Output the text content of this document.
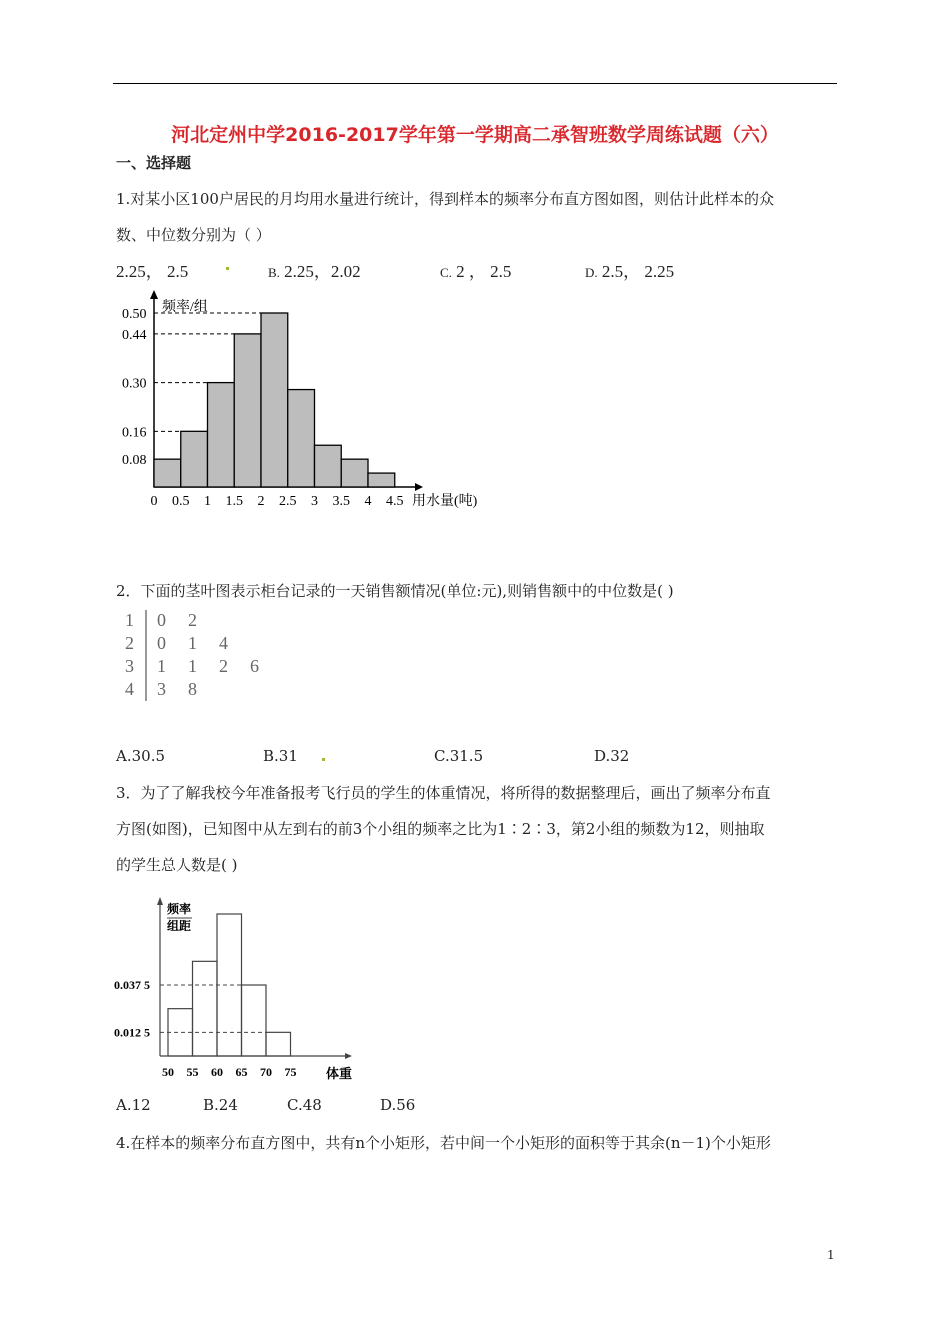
河北定州中学2016-2017学年第一学期高二承智班数学周练试题（六）
一、选择题
1.对某小区100户居民的月均用水量进行统计，得到样本的频率分布直方图如图，则估计此样本的众
数、中位数分别为（ ）
2.25， 2.5	B. 2.25，2.02	C. 2 ， 2.5	D. 2.5， 2.25
0.08
0.16
0.30
0.44
0.50
0 0.5 1 1.5 2 2.5 3 3.5 4 4.5
频率/组
用水量(吨)
2．下面的茎叶图表示柜台记录的一天销售额情况(单位:元),则销售额中的中位数是( )
1 0 2
2 0 1 4
3 1 1 2 6
4 3 8
A.30.5	B.31	C.31.5	D.32
3．为了了解我校今年准备报考飞行员的学生的体重情况，将所得的数据整理后，画出了频率分布直
方图(如图)，已知图中从左到右的前3个小组的频率之比为1∶2∶3，第2小组的频数为12，则抽取
的学生总人数是( )
0.012 5
0.037 5
50 55 60 65 70 75
频率
组距
体重
A.12	B.24	C.48	D.56
4.在样本的频率分布直方图中，共有n个小矩形，若中间一个小矩形的面积等于其余(n－1)个小矩形
1
